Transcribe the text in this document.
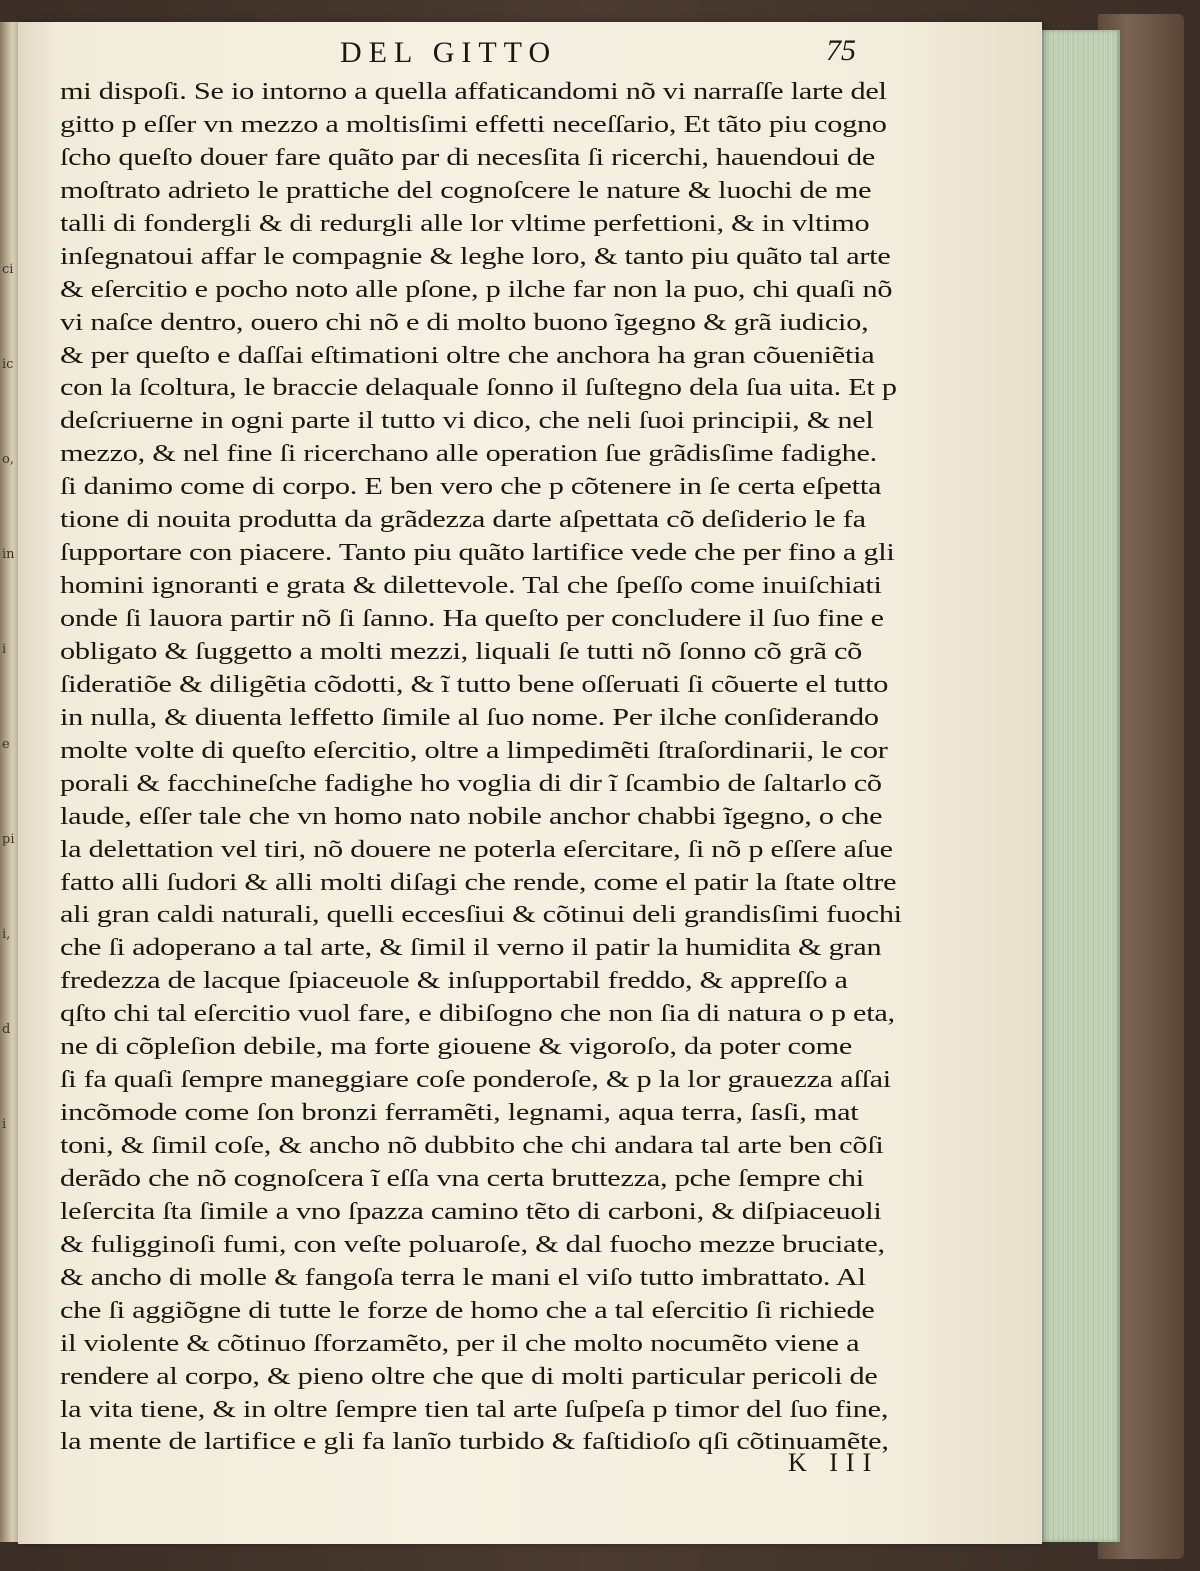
ci
ic
o,
in
i
e
pi
i,
d
i
DEL GITTO	75
mi dispoſi. Se io intorno a quella affaticandomi nõ vi narraſſe larte del
gitto p eſſer vn mezzo a moltisſimi effetti neceſſario, Et tãto piu cogno
ſcho queſto douer fare quãto par di necesſita ſi ricerchi, hauendoui de
moſtrato adrieto le prattiche del cognoſcere le nature & luochi de me
talli di fondergli & di redurgli alle lor vltime perfettioni, & in vltimo
inſegnatoui affar le compagnie & leghe loro, & tanto piu quãto tal arte
& eſercitio e pocho noto alle pſone, p ilche far non la puo, chi quaſi nõ
vi naſce dentro, ouero chi nõ e di molto buono ĩgegno & grã iudicio,
& per queſto e daſſai eſtimationi oltre che anchora ha gran cõueniẽtia
con la ſcoltura, le braccie delaquale ſonno il ſuſtegno dela ſua uita. Et p
deſcriuerne in ogni parte il tutto vi dico, che neli ſuoi principii, & nel
mezzo, & nel fine ſi ricerchano alle operation ſue grãdisſime fadighe.
ſi danimo come di corpo. E ben vero che p cõtenere in ſe certa eſpetta
tione di nouita produtta da grãdezza darte aſpettata cõ deſiderio le fa
ſupportare con piacere. Tanto piu quãto lartifice vede che per fino a gli
homini ignoranti e grata & dilettevole. Tal che ſpeſſo come inuiſchiati
onde ſi lauora partir nõ ſi ſanno. Ha queſto per concludere il ſuo fine e
obligato & ſuggetto a molti mezzi, liquali ſe tutti nõ ſonno cõ grã cõ
ſideratiõe & diligẽtia cõdotti, & ĩ tutto bene oſſeruati ſi cõuerte el tutto
in nulla, & diuenta leffetto ſimile al ſuo nome. Per ilche conſiderando
molte volte di queſto eſercitio, oltre a limpedimẽti ſtraſordinarii, le cor
porali & facchineſche fadighe ho voglia di dir ĩ ſcambio de ſaltarlo cõ
laude, eſſer tale che vn homo nato nobile anchor chabbi ĩgegno, o che
la delettation vel tiri, nõ douere ne poterla eſercitare, ſi nõ p eſſere aſue
fatto alli ſudori & alli molti diſagi che rende, come el patir la ſtate oltre
ali gran caldi naturali, quelli eccesſiui & cõtinui deli grandisſimi fuochi
che ſi adoperano a tal arte, & ſimil il verno il patir la humidita & gran
fredezza de lacque ſpiaceuole & inſupportabil freddo, & appreſſo a
qſto chi tal eſercitio vuol fare, e dibiſogno che non ſia di natura o p eta,
ne di cõpleſion debile, ma forte giouene & vigoroſo, da poter come
ſi fa quaſi ſempre maneggiare coſe ponderoſe, & p la lor grauezza aſſai
incõmode come ſon bronzi ferramẽti, legnami, aqua terra, ſasſi, mat
toni, & ſimil coſe, & ancho nõ dubbito che chi andara tal arte ben cõſi
derãdo che nõ cognoſcera ĩ eſſa vna certa bruttezza, pche ſempre chi
leſercita ſta ſimile a vno ſpazza camino tẽto di carboni, & diſpiaceuoli
& fuligginoſi fumi, con veſte poluaroſe, & dal fuocho mezze bruciate,
& ancho di molle & fangoſa terra le mani el viſo tutto imbrattato. Al
che ſi aggiõgne di tutte le forze de homo che a tal eſercitio ſi richiede
il violente & cõtinuo ſforzamẽto, per il che molto nocumẽto viene a
rendere al corpo, & pieno oltre che que di molti particular pericoli de
la vita tiene, & in oltre ſempre tien tal arte ſuſpeſa p timor del ſuo fine,
la mente de lartifice e gli fa lanĩo turbido & faſtidioſo qſi cõtinuamẽte,
K III
